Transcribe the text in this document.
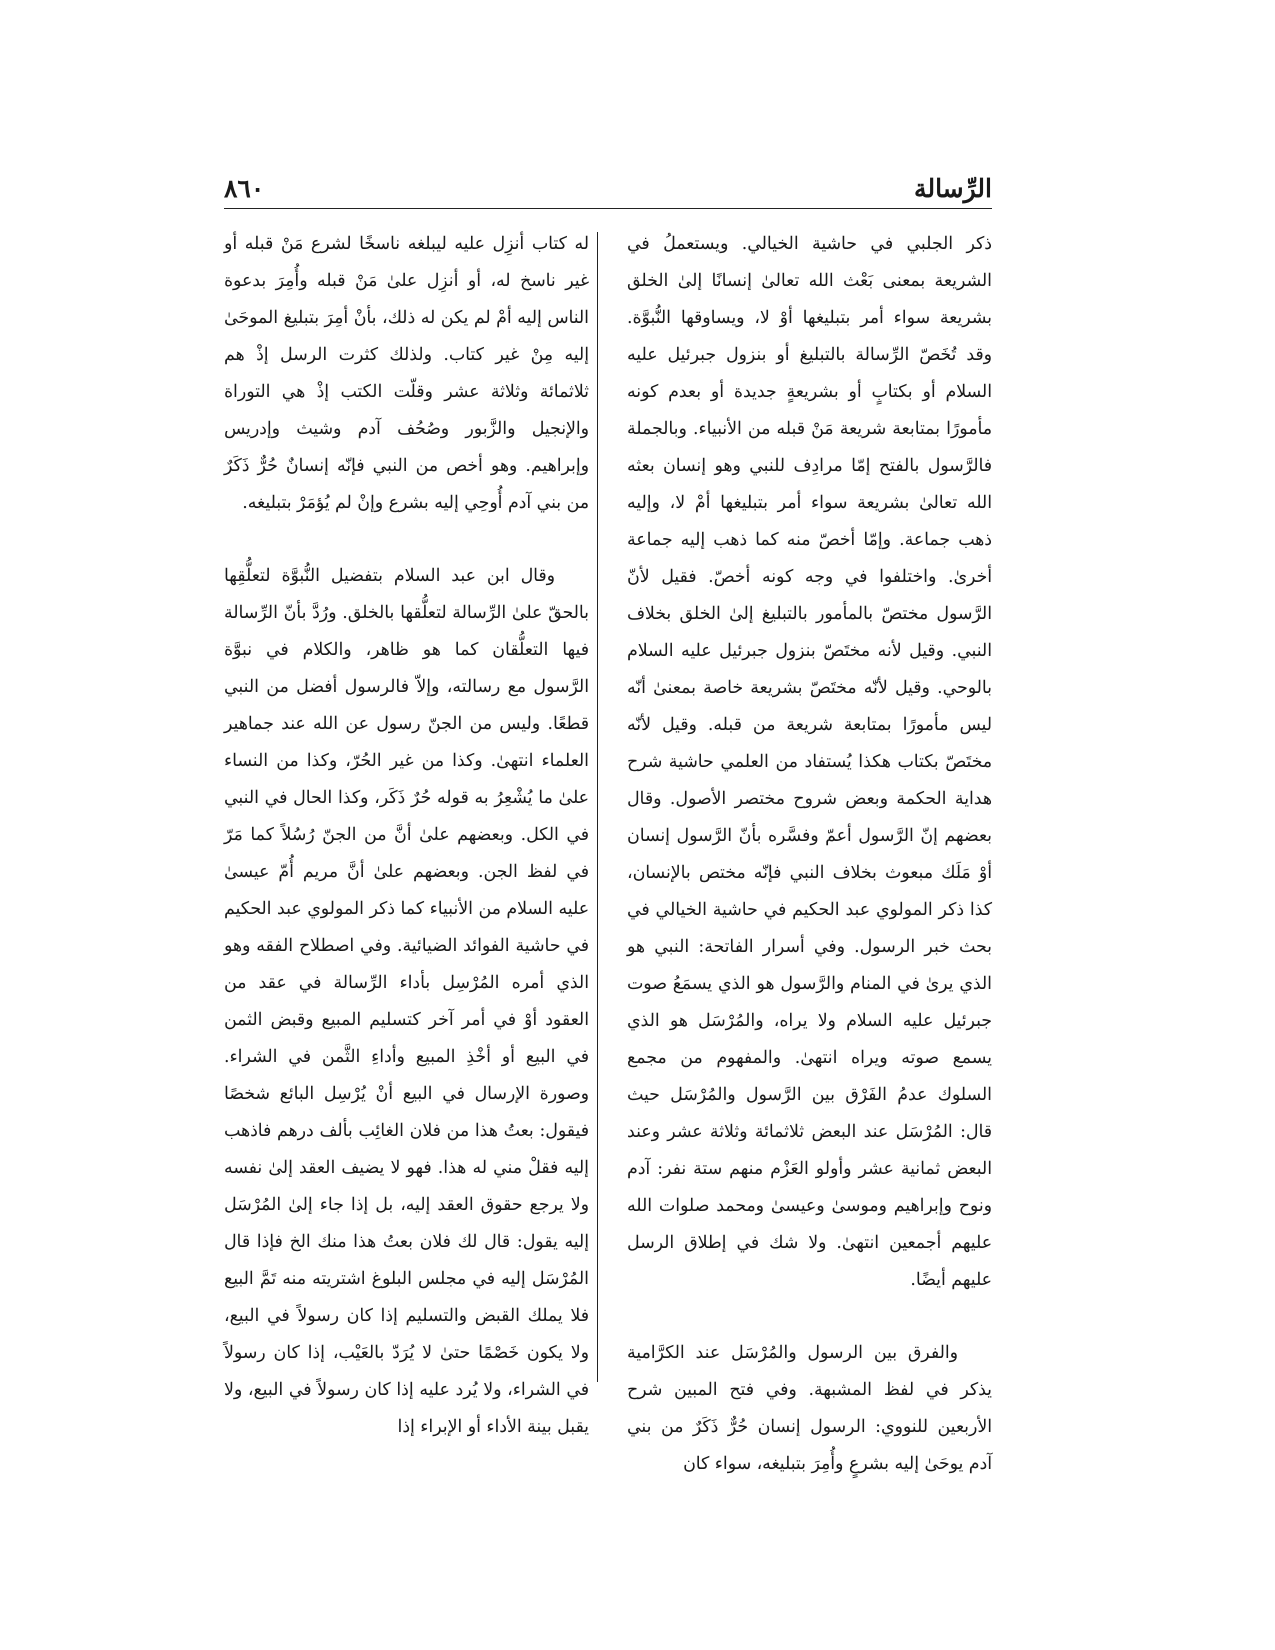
الرِّسالة
٨٦٠

ذكر الجلبي في حاشية الخيالي. ويستعملُ في الشريعة بمعنى بَعْث الله تعالىٰ إنسانًا إلىٰ الخلق بشريعة سواء أمر بتبليغها أوْ لا، ويساوقها النُّبوَّة. وقد تُخَصّ الرِّسالة بالتبليغ أو بنزول جبرئيل عليه السلام أو بكتابٍ أو بشريعةٍ جديدة أو بعدم كونه مأمورًا بمتابعة شريعة مَنْ قبله من الأنبياء. وبالجملة فالرَّسول بالفتح إمّا مرادِف للنبي وهو إنسان بعثه الله تعالىٰ بشريعة سواء أمر بتبليغها أمْ لا، وإليه ذهب جماعة. وإمّا أخصّ منه كما ذهب إليه جماعة أخرىٰ. واختلفوا في وجه كونه أخصّ. فقيل لأنّ الرَّسول مختصّ بالمأمور بالتبليغ إلىٰ الخلق بخلاف النبي. وقيل لأنه مختَصّ بنزول جبرئيل عليه السلام بالوحي. وقيل لأنّه مختَصّ بشريعة خاصة بمعنىٰ أنّه ليس مأمورًا بمتابعة شريعة من قبله. وقيل لأنّه مختَصّ بكتاب هكذا يُستفاد من العلمي حاشية شرح هداية الحكمة وبعض شروح مختصر الأصول. وقال بعضهم إنّ الرَّسول أعمّ وفسَّره بأنّ الرَّسول إنسان أوْ مَلَك مبعوث بخلاف النبي فإنّه مختص بالإنسان، كذا ذكر المولوي عبد الحكيم في حاشية الخيالي في بحث خبر الرسول. وفي أسرار الفاتحة: النبي هو الذي يرىٰ في المنام والرَّسول هو الذي يسمَعُ صوت جبرئيل عليه السلام ولا يراه، والمُرْسَل هو الذي يسمع صوته ويراه انتهىٰ. والمفهوم من مجمع السلوك عدمُ الفَرْق بين الرَّسول والمُرْسَل حيث قال: المُرْسَل عند البعض ثلاثمائة وثلاثة عشر وعند البعض ثمانية عشر وأولو العَزْم منهم ستة نفر: آدم ونوح وإبراهيم وموسىٰ وعيسىٰ ومحمد صلوات الله عليهم أجمعين انتهىٰ. ولا شك في إطلاق الرسل عليهم أيضًا.

والفرق بين الرسول والمُرْسَل عند الكرَّامية يذكر في لفظ المشبهة. وفي فتح المبين شرح الأربعين للنووي: الرسول إنسان حُرٌّ ذَكَرٌ من بني آدم يوحَىٰ إليه بشرعٍ وأُمِرَ بتبليغه، سواء كان

له كتاب أنزِل عليه ليبلغه ناسخًا لشرع مَنْ قبله أو غير ناسخ له، أو أنزِل علىٰ مَنْ قبله وأُمِرَ بدعوة الناس إليه أمْ لم يكن له ذلك، بأنْ أمِرَ بتبليغ الموحَىٰ إليه مِنْ غير كتاب. ولذلك كثرت الرسل إذْ هم ثلاثمائة وثلاثة عشر وقلّت الكتب إذْ هي التوراة والإنجيل والزَّبور وصُحُف آدم وشيث وإدريس وإبراهيم. وهو أخص من النبي فإنّه إنسانٌ حُرٌّ ذَكَرٌ من بني آدم أُوحِي إليه بشرع وإنْ لم يُؤمَرْ بتبليغه.

وقال ابن عبد السلام بتفضيل النُّبوَّة لتعلُّقِها بالحقّ علىٰ الرِّسالة لتعلُّقها بالخلق. ورُدَّ بأنّ الرِّسالة فيها التعلُّقان كما هو ظاهر، والكلام في نبوَّة الرَّسول مع رسالته، وإلاّ فالرسول أفضل من النبي قطعًا. وليس من الجنّ رسول عن الله عند جماهير العلماء انتهىٰ. وكذا من غير الحُرّ، وكذا من النساء علىٰ ما يُشْعِرُ به قوله حُرٌ ذَكَر، وكذا الحال في النبي في الكل. وبعضهم علىٰ أنَّ من الجنّ رُسُلاً كما مَرّ في لفظ الجن. وبعضهم علىٰ أنَّ مريم أُمّ عيسىٰ عليه السلام من الأنبياء كما ذكر المولوي عبد الحكيم في حاشية الفوائد الضيائية. وفي اصطلاح الفقه وهو الذي أمره المُرْسِل بأداء الرِّسالة في عقد من العقود أوْ في أمر آخر كتسليم المبيع وقبض الثمن في البيع أو أخْذِ المبيع وأداءِ الثَّمن في الشراء. وصورة الإرسال في البيع أنْ يُرْسِل البائع شخصًا فيقول: بعتُ هذا من فلان الغائِب بألف درهم فاذهب إليه فقلْ مني له هذا. فهو لا يضيف العقد إلىٰ نفسه ولا يرجع حقوق العقد إليه، بل إذا جاء إلىٰ المُرْسَل إليه يقول: قال لك فلان بعتُ هذا منك الخ فإذا قال المُرْسَل إليه في مجلس البلوغ اشتريته منه تَمَّ البيع فلا يملك القبض والتسليم إذا كان رسولاً في البيع، ولا يكون خَصْمًا حتىٰ لا يُرَدّ بالعَيْب، إذا كان رسولاً في الشراء، ولا يُرد عليه إذا كان رسولاً في البيع، ولا يقبل بينة الأداء أو الإبراء إذا
